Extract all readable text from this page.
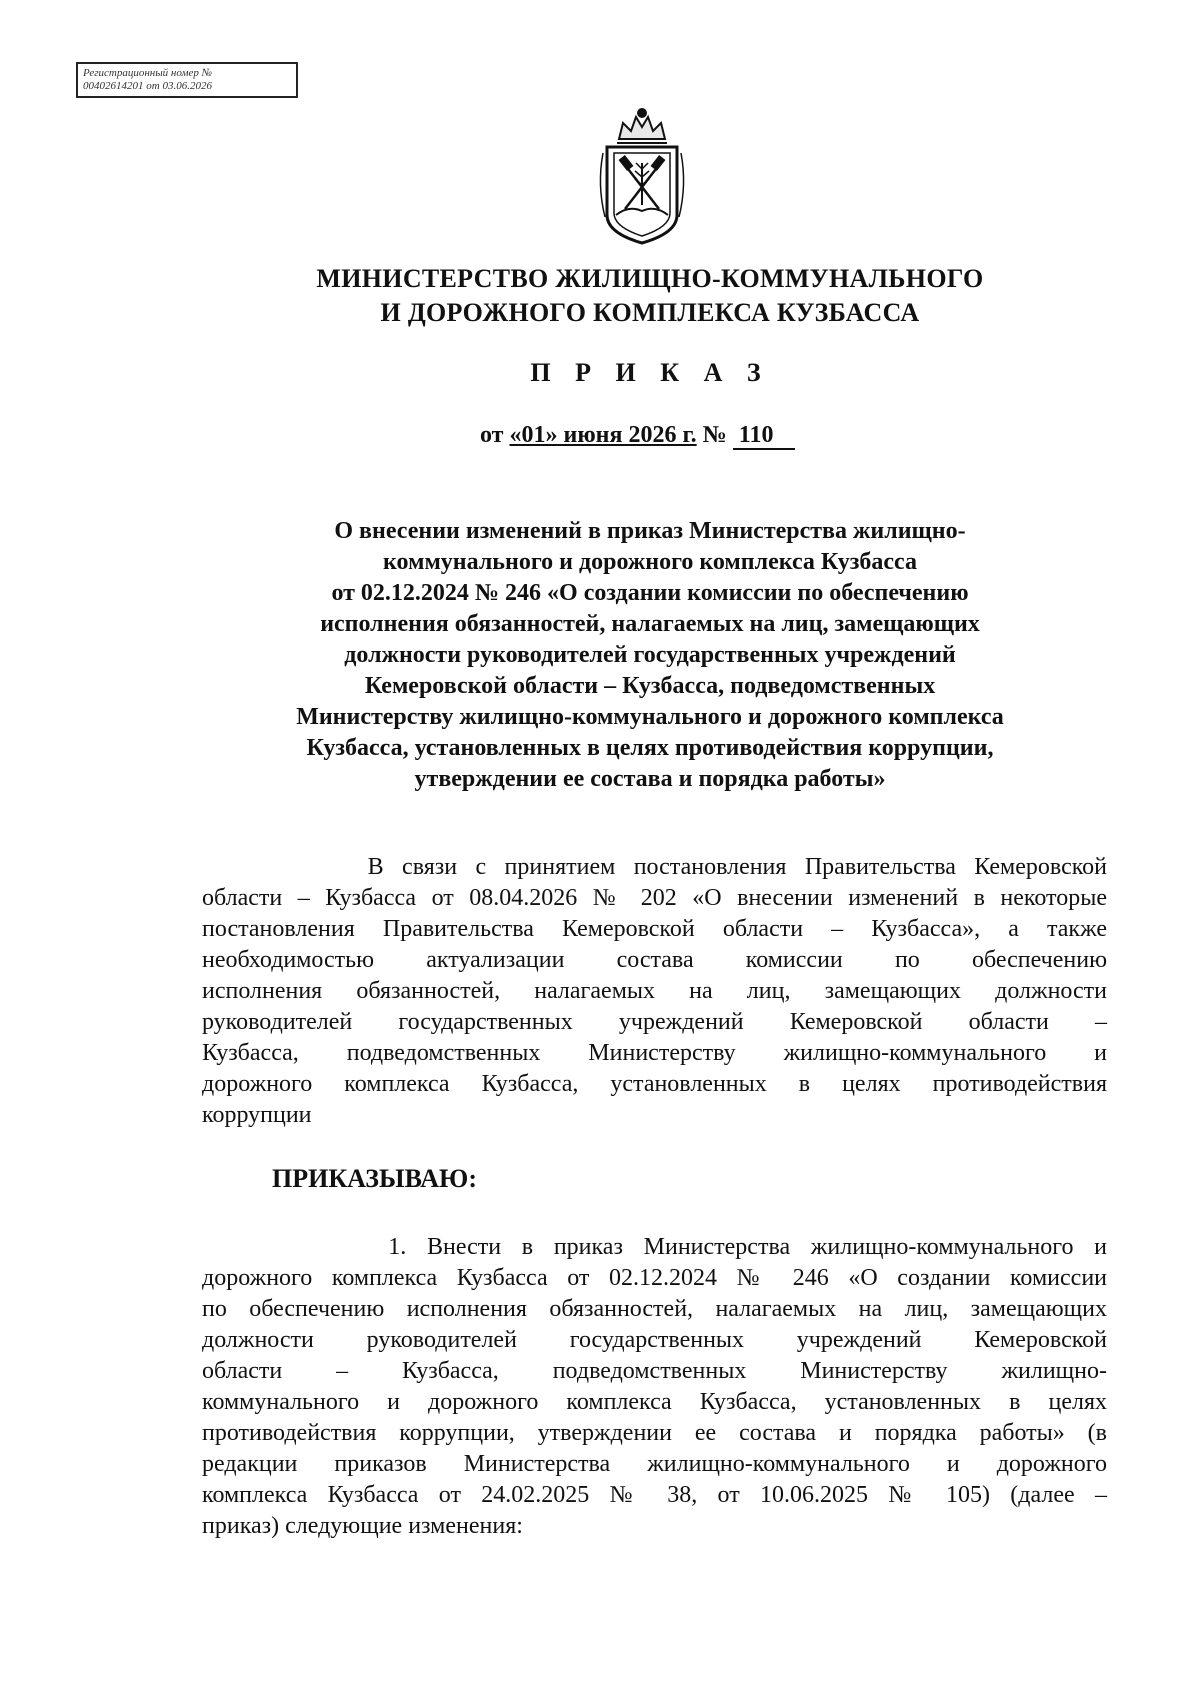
Регистрационный номер №
00402614201 от 03.06.2026
МИНИСТЕРСТВО ЖИЛИЩНО-КОММУНАЛЬНОГО
И ДОРОЖНОГО КОМПЛЕКСА КУЗБАССА
П Р И К А З
от «01» июня 2026 г. № 110
О внесении изменений в приказ Министерства жилищно-
коммунального и дорожного комплекса Кузбасса
от 02.12.2024 № 246 «О создании комиссии по обеспечению
исполнения обязанностей, налагаемых на лиц, замещающих
должности руководителей государственных учреждений
Кемеровской области – Кузбасса, подведомственных
Министерству жилищно-коммунального и дорожного комплекса
Кузбасса, установленных в целях противодействия коррупции,
утверждении ее состава и порядка работы»
В связи с принятием постановления Правительства Кемеровской
области – Кузбасса от 08.04.2026 № 202 «О внесении изменений в некоторые
постановления Правительства Кемеровской области – Кузбасса», а также
необходимостью актуализации состава комиссии по обеспечению
исполнения обязанностей, налагаемых на лиц, замещающих должности
руководителей государственных учреждений Кемеровской области –
Кузбасса, подведомственных Министерству жилищно-коммунального и
дорожного комплекса Кузбасса, установленных в целях противодействия
коррупции
ПРИКАЗЫВАЮ:
1. Внести в приказ Министерства жилищно-коммунального и
дорожного комплекса Кузбасса от 02.12.2024 № 246 «О создании комиссии
по обеспечению исполнения обязанностей, налагаемых на лиц, замещающих
должности руководителей государственных учреждений Кемеровской
области – Кузбасса, подведомственных Министерству жилищно-
коммунального и дорожного комплекса Кузбасса, установленных в целях
противодействия коррупции, утверждении ее состава и порядка работы» (в
редакции приказов Министерства жилищно-коммунального и дорожного
комплекса Кузбасса от 24.02.2025 № 38, от 10.06.2025 № 105) (далее –
приказ) следующие изменения:
